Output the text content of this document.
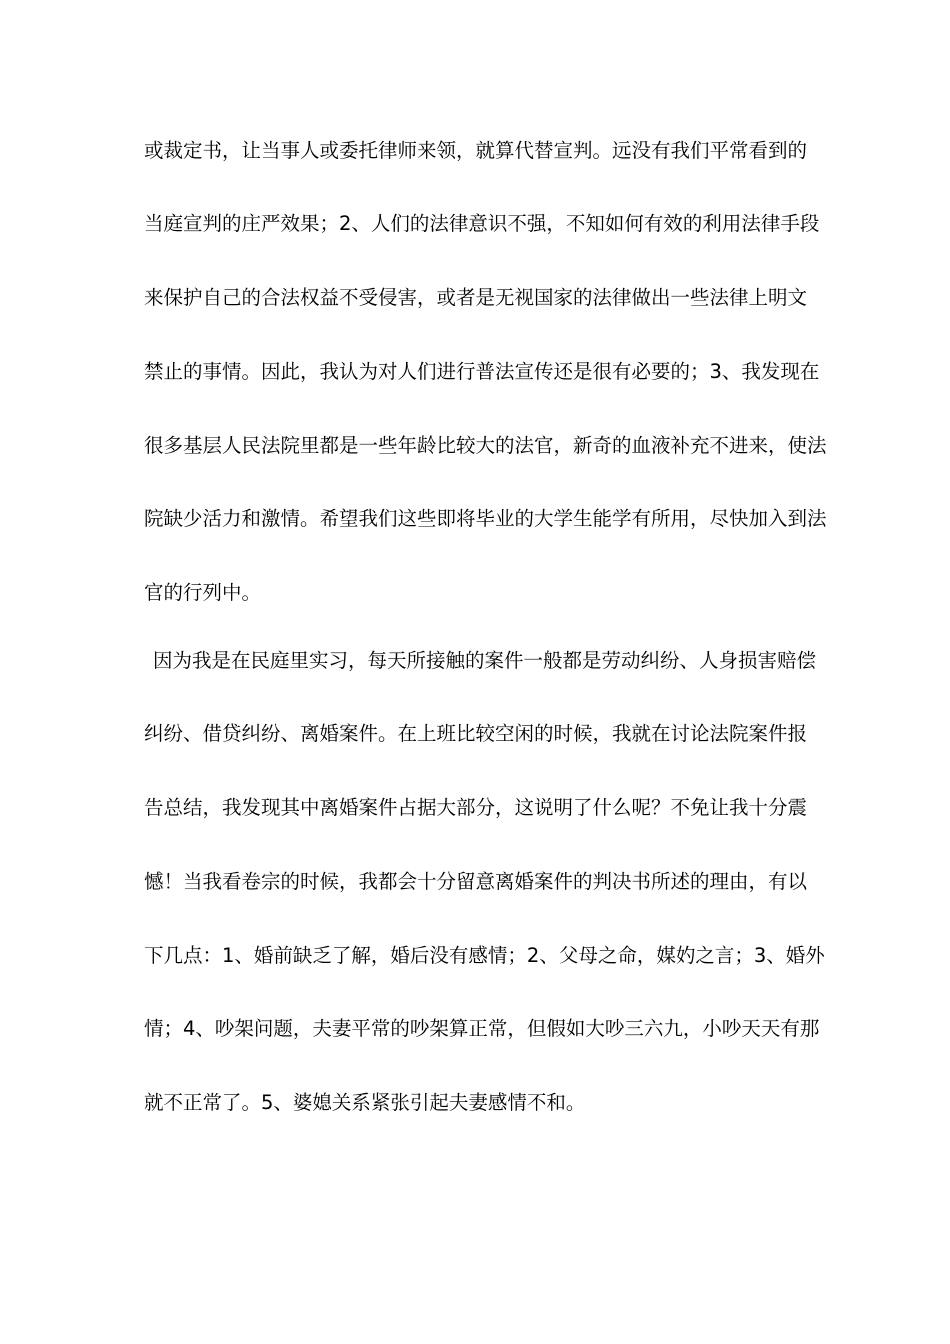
或裁定书，让当事人或委托律师来领，就算代替宣判。远没有我们平常看到的
当庭宣判的庄严效果；2、人们的法律意识不强，不知如何有效的利用法律手段
来保护自己的合法权益不受侵害，或者是无视国家的法律做出一些法律上明文
禁止的事情。因此，我认为对人们进行普法宣传还是很有必要的；3、我发现在
很多基层人民法院里都是一些年龄比较大的法官，新奇的血液补充不进来，使法
院缺少活力和激情。希望我们这些即将毕业的大学生能学有所用，尽快加入到法
官的行列中。
因为我是在民庭里实习，每天所接触的案件一般都是劳动纠纷、人身损害赔偿
纠纷、借贷纠纷、离婚案件。在上班比较空闲的时候，我就在讨论法院案件报
告总结，我发现其中离婚案件占据大部分，这说明了什么呢？不免让我十分震
憾！当我看卷宗的时候，我都会十分留意离婚案件的判决书所述的理由，有以
下几点：1、婚前缺乏了解，婚后没有感情；2、父母之命，媒妁之言；3、婚外
情；4、吵架问题，夫妻平常的吵架算正常，但假如大吵三六九，小吵天天有那
就不正常了。5、婆媳关系紧张引起夫妻感情不和。
